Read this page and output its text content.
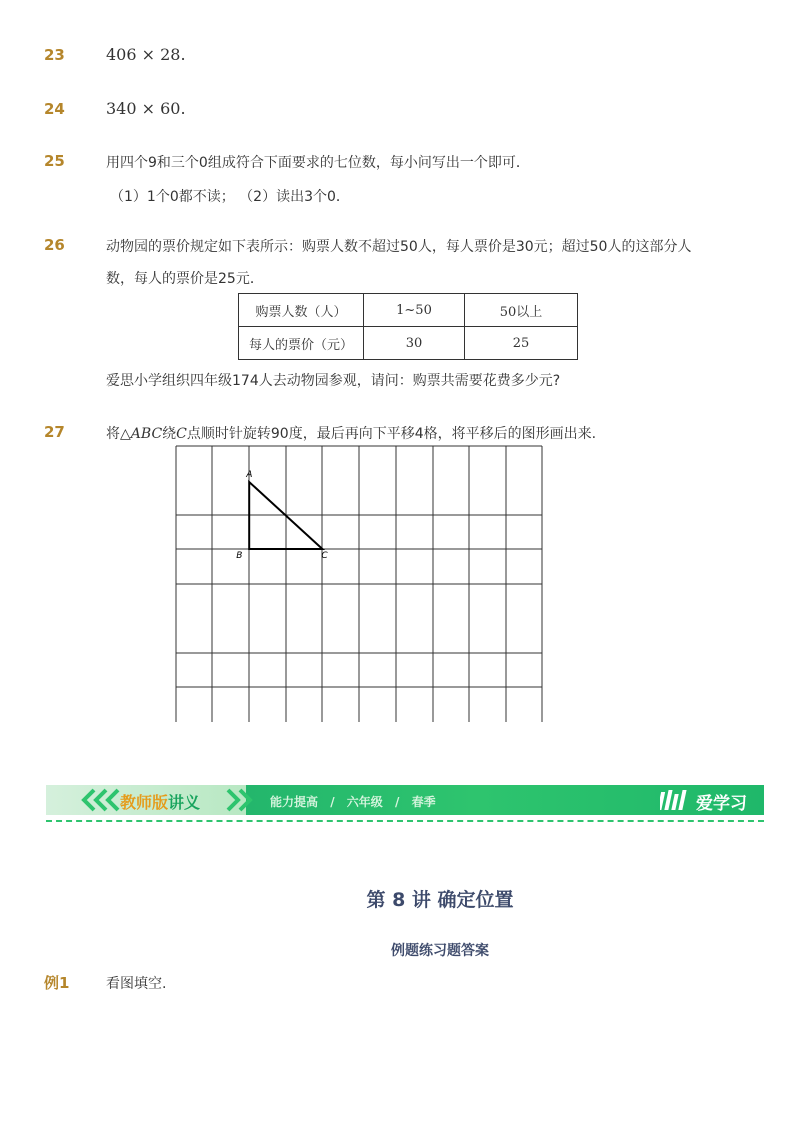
23	406 × 28.
24	340 × 60.
25	用四个9和三个0组成符合下面要求的七位数，每小问写出一个即可．
（1）1个0都不读； （2）读出3个0．
26	动物园的票价规定如下表所示：购票人数不超过50人，每人票价是30元；超过50人的这部分人
数，每人的票价是25元．
购票人数（人）	1~50	50以上
每人的票价（元）	30	25
爱思小学组织四年级174人去动物园参观，请问：购票共需要花费多少元?
27	将△ABC绕C点顺时针旋转90度，最后再向下平移4格，将平移后的图形画出来.
A
B	C
教师版讲义	能力提高 / 六年级 / 春季	爱学习
第 8 讲 确定位置
例题练习题答案
例1	看图填空.
